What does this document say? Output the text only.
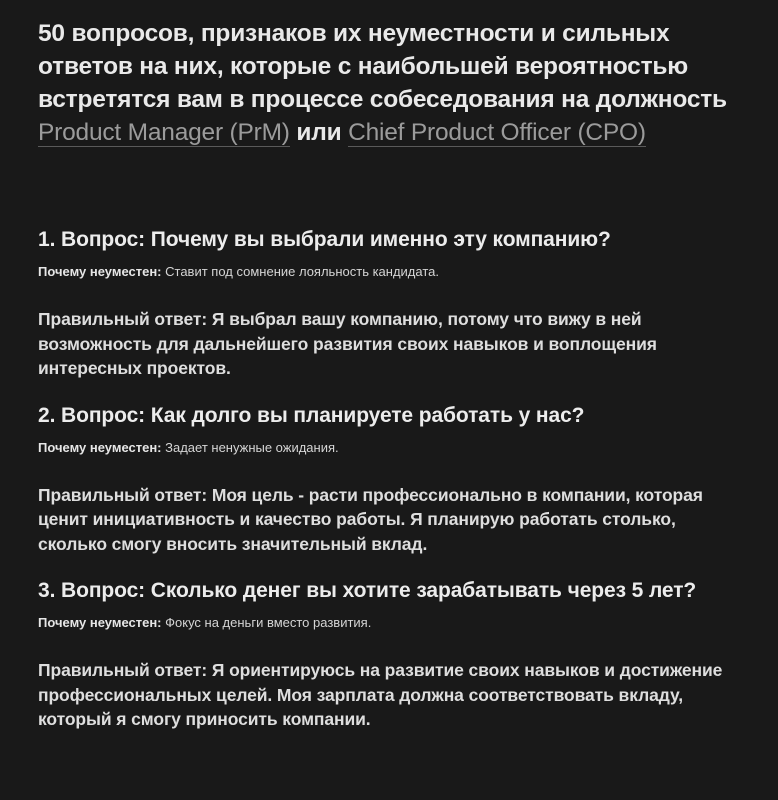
50 вопросов, признаков их неуместности и сильных ответов на них, которые с наибольшей вероятностью встретятся вам в процессе собеседования на должность Product Manager (PrM) или Chief Product Officer (CPO)
1. Вопрос: Почему вы выбрали именно эту компанию?

Почему неуместен: Ставит под сомнение лояльность кандидата.

Правильный ответ: Я выбрал вашу компанию, потому что вижу в ней возможность для дальнейшего развития своих навыков и воплощения интересных проектов.

2. Вопрос: Как долго вы планируете работать у нас?

Почему неуместен: Задает ненужные ожидания.

Правильный ответ: Моя цель - расти профессионально в компании, которая ценит инициативность и качество работы. Я планирую работать столько, сколько смогу вносить значительный вклад.

3. Вопрос: Сколько денег вы хотите зарабатывать через 5 лет?

Почему неуместен: Фокус на деньги вместо развития.

Правильный ответ: Я ориентируюсь на развитие своих навыков и достижение профессиональных целей. Моя зарплата должна соответствовать вкладу, который я смогу приносить компании.
